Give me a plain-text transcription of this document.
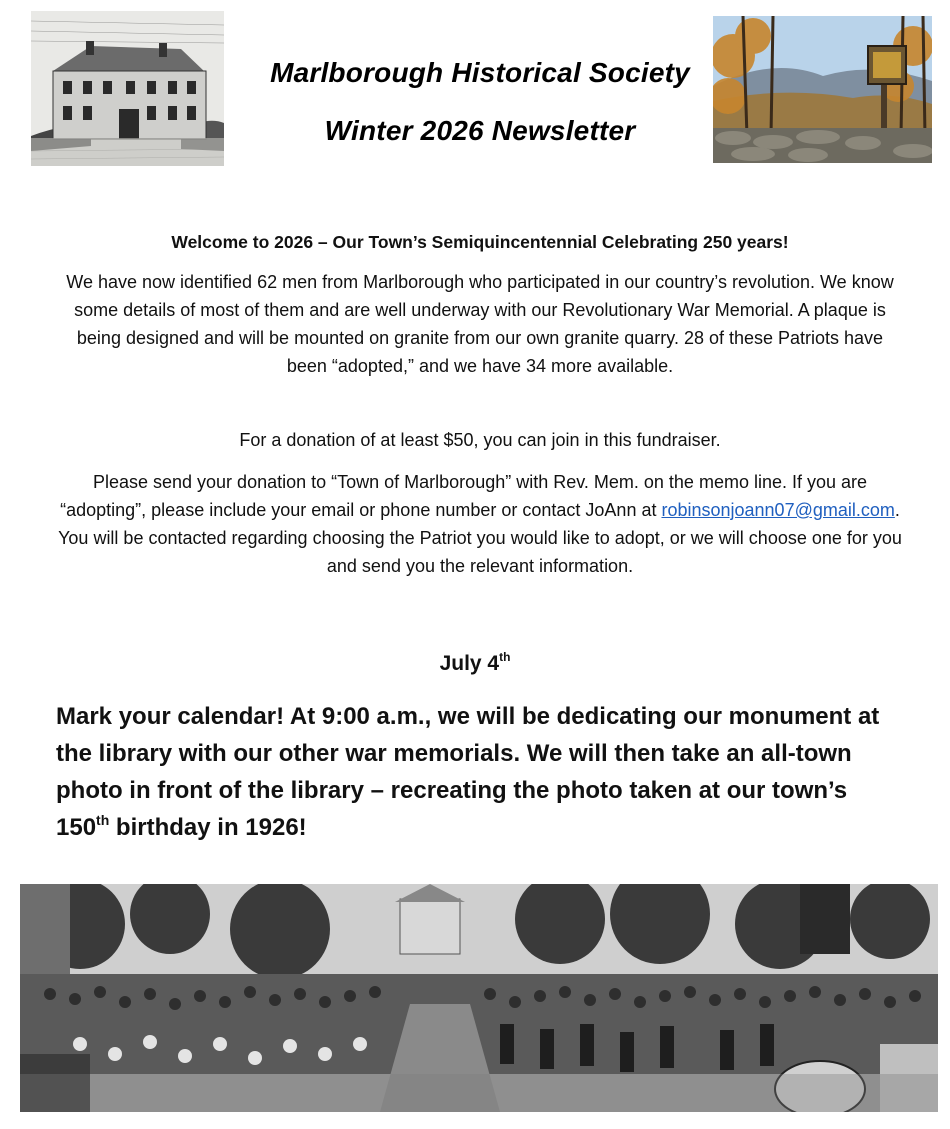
Marlborough Historical Society
Winter 2026 Newsletter
Welcome to 2026 – Our Town’s Semiquincentennial Celebrating 250 years!
We have now identified 62 men from Marlborough who participated in our country’s revolution. We know some details of most of them and are well underway with our Revolutionary War Memorial. A plaque is being designed and will be mounted on granite from our own granite quarry. 28 of these Patriots have been “adopted,” and we have 34 more available.
For a donation of at least $50, you can join in this fundraiser.
Please send your donation to “Town of Marlborough” with Rev. Mem. on the memo line. If you are “adopting”, please include your email or phone number or contact JoAnn at robinsonjoann07@gmail.com. You will be contacted regarding choosing the Patriot you would like to adopt, or we will choose one for you and send you the relevant information.
July 4th
Mark your calendar! At 9:00 a.m., we will be dedicating our monument at the library with our other war memorials. We will then take an all-town photo in front of the library – recreating the photo taken at our town’s 150th birthday in 1926!
